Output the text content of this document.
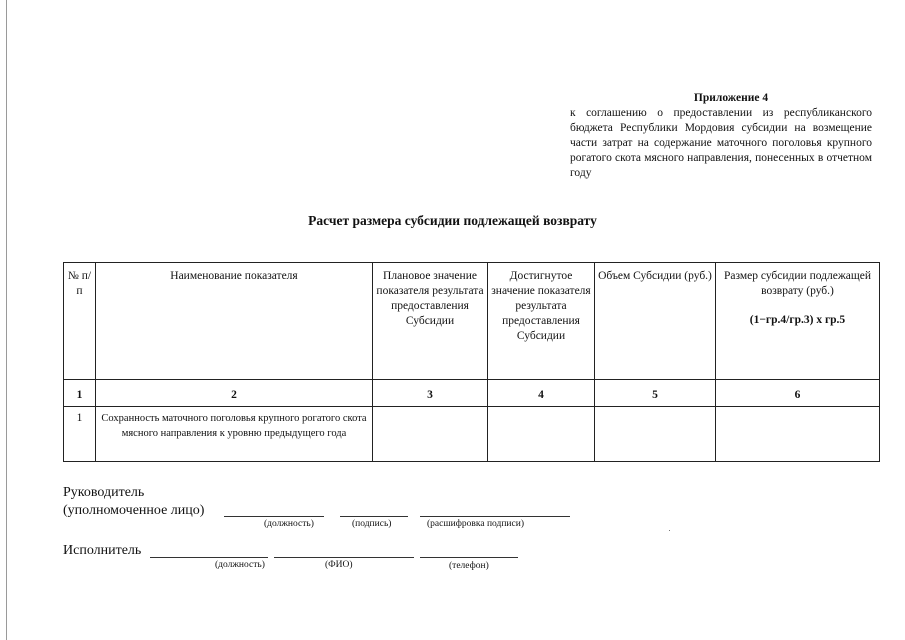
Приложение 4
к соглашению о предоставлении из республиканского бюджета Республики Мордовия субсидии на возмещение части затрат на содержание маточного поголовья крупного рогатого скота мясного направления, понесенных в отчетном году
Расчет размера субсидии подлежащей возврату
№ п/п	Наименование показателя	Плановое значение показателя результата предоставления Субсидии	Достигнутое значение показателя результата предоставления Субсидии	Объем Субсидии (руб.)	Размер субсидии подлежащей возврату (руб.)
(1−гр.4/гр.3) х гр.5

1	2	3	4	5	6
1	Сохранность маточного поголовья крупного рогатого скота мясного направления к уровню предыдущего года				
Руководитель
(уполномоченное лицо)
(должность)	(подпись)	(расшифровка подписи)
Исполнитель
(должность)	(ФИО)	(телефон)
